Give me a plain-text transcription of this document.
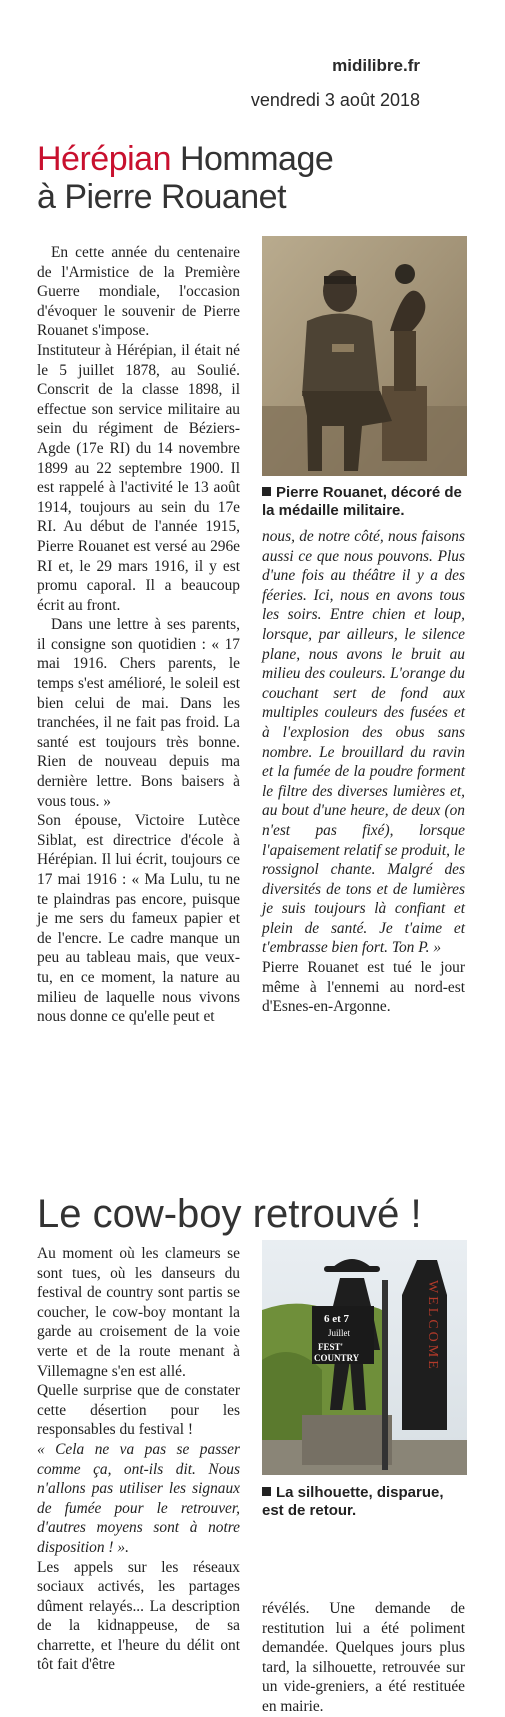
midilibre.fr
vendredi 3 août 2018
Hérépian Hommage
à Pierre Rouanet

En cette année du centenaire de l'Armistice de la Première Guerre mondiale, l'occasion d'évoquer le souvenir de Pierre Rouanet s'impose.

Instituteur à Hérépian, il était né le 5 juillet 1878, au Soulié. Conscrit de la classe 1898, il effectue son service militaire au sein du régiment de Béziers-Agde (17e RI) du 14 novembre 1899 au 22 septembre 1900. Il est rappelé à l'activité le 13 août 1914, toujours au sein du 17e RI. Au début de l'année 1915, Pierre Rouanet est versé au 296e RI et, le 29 mars 1916, il y est promu caporal. Il a beaucoup écrit au front.

Dans une lettre à ses parents, il consigne son quotidien : « 17 mai 1916. Chers parents, le temps s'est amélioré, le soleil est bien celui de mai. Dans les tranchées, il ne fait pas froid. La santé est toujours très bonne. Rien de nouveau depuis ma dernière lettre. Bons baisers à vous tous. »

Son épouse, Victoire Lutèce Siblat, est directrice d'école à Hérépian. Il lui écrit, toujours ce 17 mai 1916 : « Ma Lulu, tu ne te plaindras pas encore, puisque je me sers du fameux papier et de l'encre. Le cadre manque un peu au tableau mais, que veux-tu, en ce moment, la nature au milieu de laquelle nous vivons nous donne ce qu'elle peut et

Pierre Rouanet, décoré de la médaille militaire.

nous, de notre côté, nous faisons aussi ce que nous pouvons. Plus d'une fois au théâtre il y a des féeries. Ici, nous en avons tous les soirs. Entre chien et loup, lorsque, par ailleurs, le silence plane, nous avons le bruit au milieu des couleurs. L'orange du couchant sert de fond aux multiples couleurs des fusées et à l'explosion des obus sans nombre. Le brouillard du ravin et la fumée de la poudre forment le filtre des diverses lumières et, au bout d'une heure, de deux (on n'est pas fixé), lorsque l'apaisement relatif se produit, le rossignol chante. Malgré des diversités de tons et de lumières je suis toujours là confiant et plein de santé. Je t'aime et t'embrasse bien fort. Ton P. »

Pierre Rouanet est tué le jour même à l'ennemi au nord-est d'Esnes-en-Argonne.

Le cow-boy retrouvé !

Au moment où les clameurs se sont tues, où les danseurs du festival de country sont partis se coucher, le cow-boy montant la garde au croisement de la voie verte et de la route menant à Villemagne s'en est allé.

Quelle surprise que de constater cette désertion pour les responsables du festival !

« Cela ne va pas se passer comme ça, ont-ils dit. Nous n'allons pas utiliser les signaux de fumée pour le retrouver, d'autres moyens sont à notre disposition ! ».

Les appels sur les réseaux sociaux activés, les partages dûment relayés... La description de la kidnappeuse, de sa charrette, et l'heure du délit ont tôt fait d'être

6 et 7
Juillet
FEST'
COUNTRY	WELCOME
La silhouette, disparue, est de retour.

révélés. Une demande de restitution lui a été poliment demandée. Quelques jours plus tard, la silhouette, retrouvée sur un vide-greniers, a été restituée en mairie.
